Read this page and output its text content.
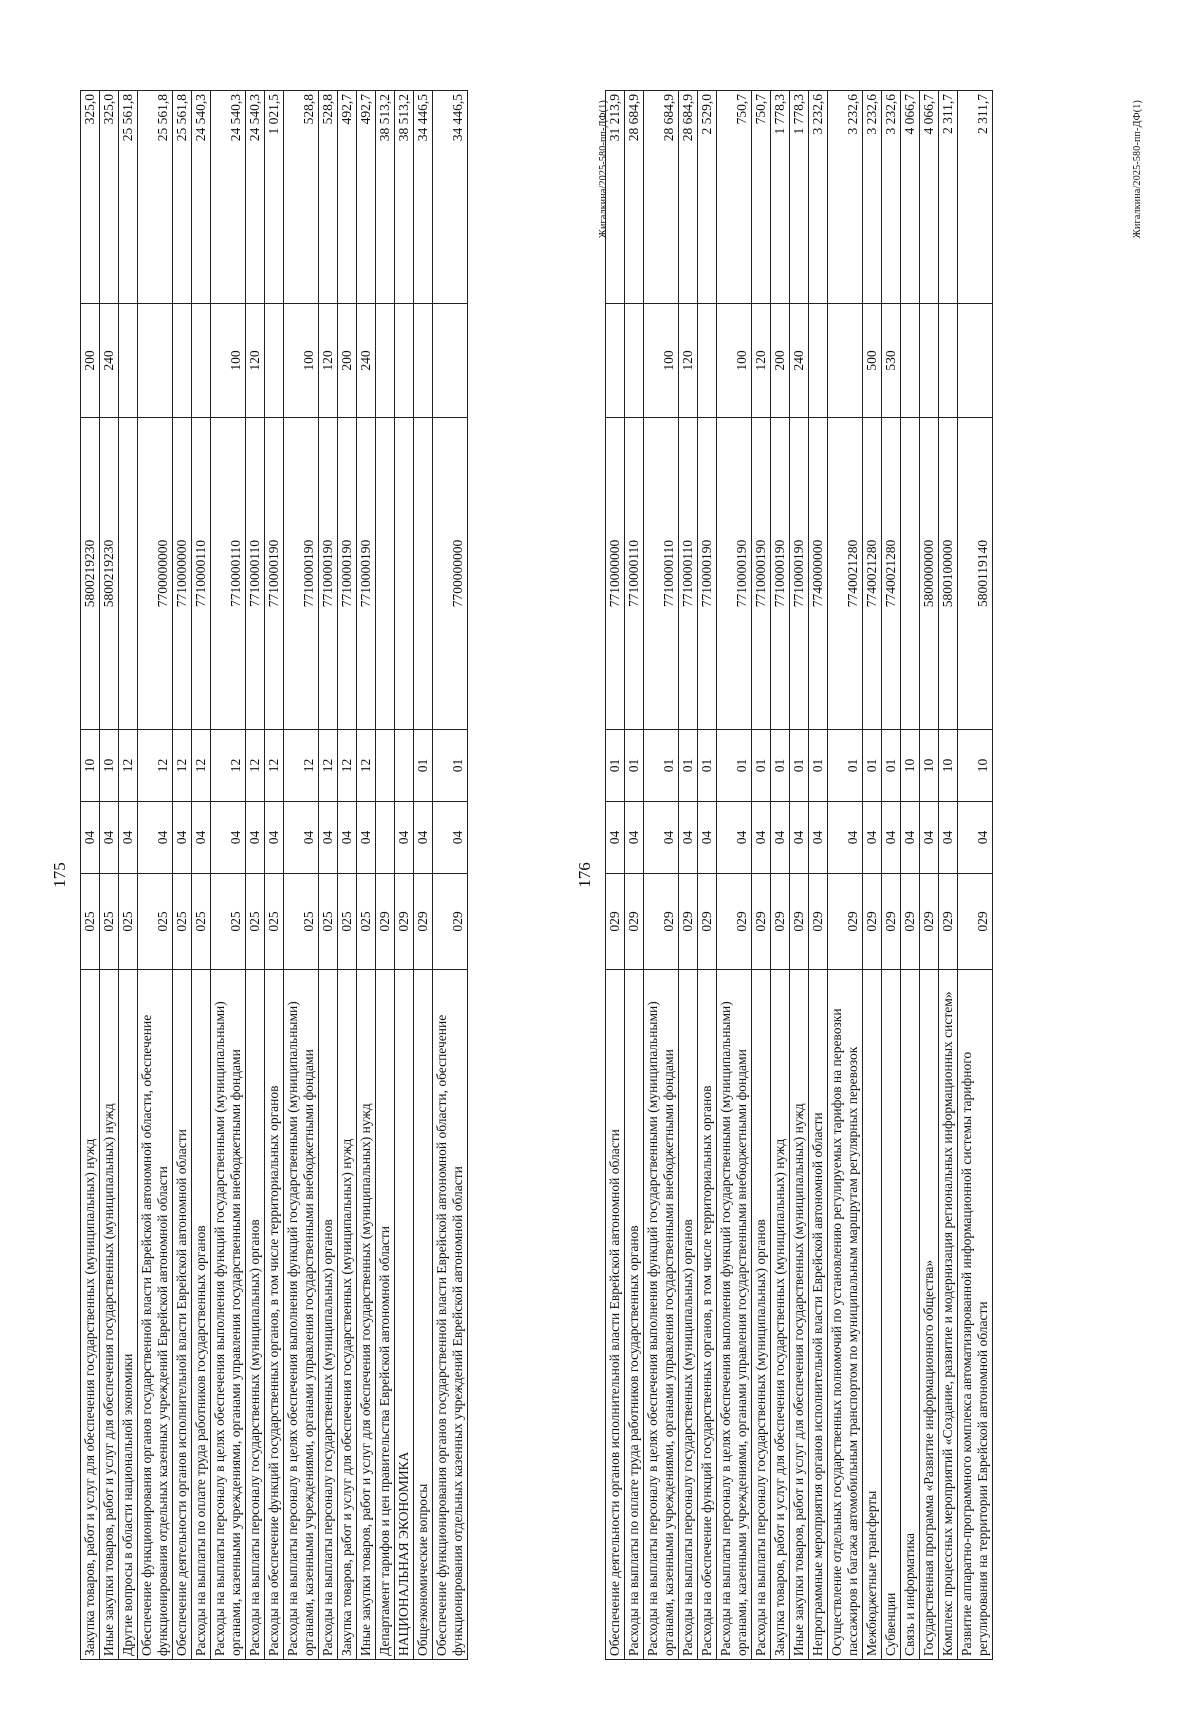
175
Закупка товаров, работ и услуг для обеспечения государственных (муниципальных) нужд	025	04	10	5800219230	200	325,0
Иные закупки товаров, работ и услуг для обеспечения государственных (муниципальных) нужд	025	04	10	5800219230	240	325,0
Другие вопросы в области национальной экономики	025	04	12			25 561,8
Обеспечение функционирования органов государственной власти Еврейской автономной области, обеспечение функционирования отдельных казенных учреждений Еврейской автономной области	025	04	12	7700000000		25 561,8
Обеспечение деятельности органов исполнительной власти Еврейской автономной области	025	04	12	7710000000		25 561,8
Расходы на выплаты по оплате труда работников государственных органов	025	04	12	7710000110		24 540,3
Расходы на выплаты персоналу в целях обеспечения выполнения функций государственными (муниципальными) органами, казенными учреждениями, органами управления государственными внебюджетными фондами	025	04	12	7710000110	100	24 540,3
Расходы на выплаты персоналу государственных (муниципальных) органов	025	04	12	7710000110	120	24 540,3
Расходы на обеспечение функций государственных органов, в том числе территориальных органов	025	04	12	7710000190		1 021,5
Расходы на выплаты персоналу в целях обеспечения выполнения функций государственными (муниципальными) органами, казенными учреждениями, органами управления государственными внебюджетными фондами	025	04	12	7710000190	100	528,8
Расходы на выплаты персоналу государственных (муниципальных) органов	025	04	12	7710000190	120	528,8
Закупка товаров, работ и услуг для обеспечения государственных (муниципальных) нужд	025	04	12	7710000190	200	492,7
Иные закупки товаров, работ и услуг для обеспечения государственных (муниципальных) нужд	025	04	12	7710000190	240	492,7
Департамент тарифов и цен правительства Еврейской автономной области	029					38 513,2
НАЦИОНАЛЬНАЯ ЭКОНОМИКА	029	04				38 513,2
Общеэкономические вопросы	029	04	01			34 446,5
Обеспечение функционирования органов государственной власти Еврейской автономной области, обеспечение функционирования отдельных казенных учреждений Еврейской автономной области	029	04	01	7700000000		34 446,5	Жигалкина/2025-580-пп-ДФ(1)
176
Обеспечение деятельности органов исполнительной власти Еврейской автономной области	029	04	01	7710000000		31 213,9
Расходы на выплаты по оплате труда работников государственных органов	029	04	01	7710000110		28 684,9
Расходы на выплаты персоналу в целях обеспечения выполнения функций государственными (муниципальными) органами, казенными учреждениями, органами управления государственными внебюджетными фондами	029	04	01	7710000110	100	28 684,9
Расходы на выплаты персоналу государственных (муниципальных) органов	029	04	01	7710000110	120	28 684,9
Расходы на обеспечение функций государственных органов, в том числе территориальных органов	029	04	01	7710000190		2 529,0
Расходы на выплаты персоналу в целях обеспечения выполнения функций государственными (муниципальными) органами, казенными учреждениями, органами управления государственными внебюджетными фондами	029	04	01	7710000190	100	750,7
Расходы на выплаты персоналу государственных (муниципальных) органов	029	04	01	7710000190	120	750,7
Закупка товаров, работ и услуг для обеспечения государственных (муниципальных) нужд	029	04	01	7710000190	200	1 778,3
Иные закупки товаров, работ и услуг для обеспечения государственных (муниципальных) нужд	029	04	01	7710000190	240	1 778,3
Непрограммные мероприятия органов исполнительной власти Еврейской автономной области	029	04	01	7740000000		3 232,6
Осуществление отдельных государственных полномочий по установлению регулируемых тарифов на перевозки пассажиров и багажа автомобильным транспортом по муниципальным маршрутам регулярных перевозок	029	04	01	7740021280		3 232,6
Межбюджетные трансферты	029	04	01	7740021280	500	3 232,6
Субвенции	029	04	01	7740021280	530	3 232,6
Связь и информатика	029	04	10			4 066,7
Государственная программа «Развитие информационного общества»	029	04	10	5800000000		4 066,7
Комплекс процессных мероприятий «Создание, развитие и модернизация региональных информационных систем»	029	04	10	5800100000		2 311,7
Развитие аппаратно-программного комплекса автоматизированной информационной системы тарифного регулирования на территории Еврейской автономной области	029	04	10	5800119140		2 311,7	Жигалкина/2025-580-пп-ДФ(1)
